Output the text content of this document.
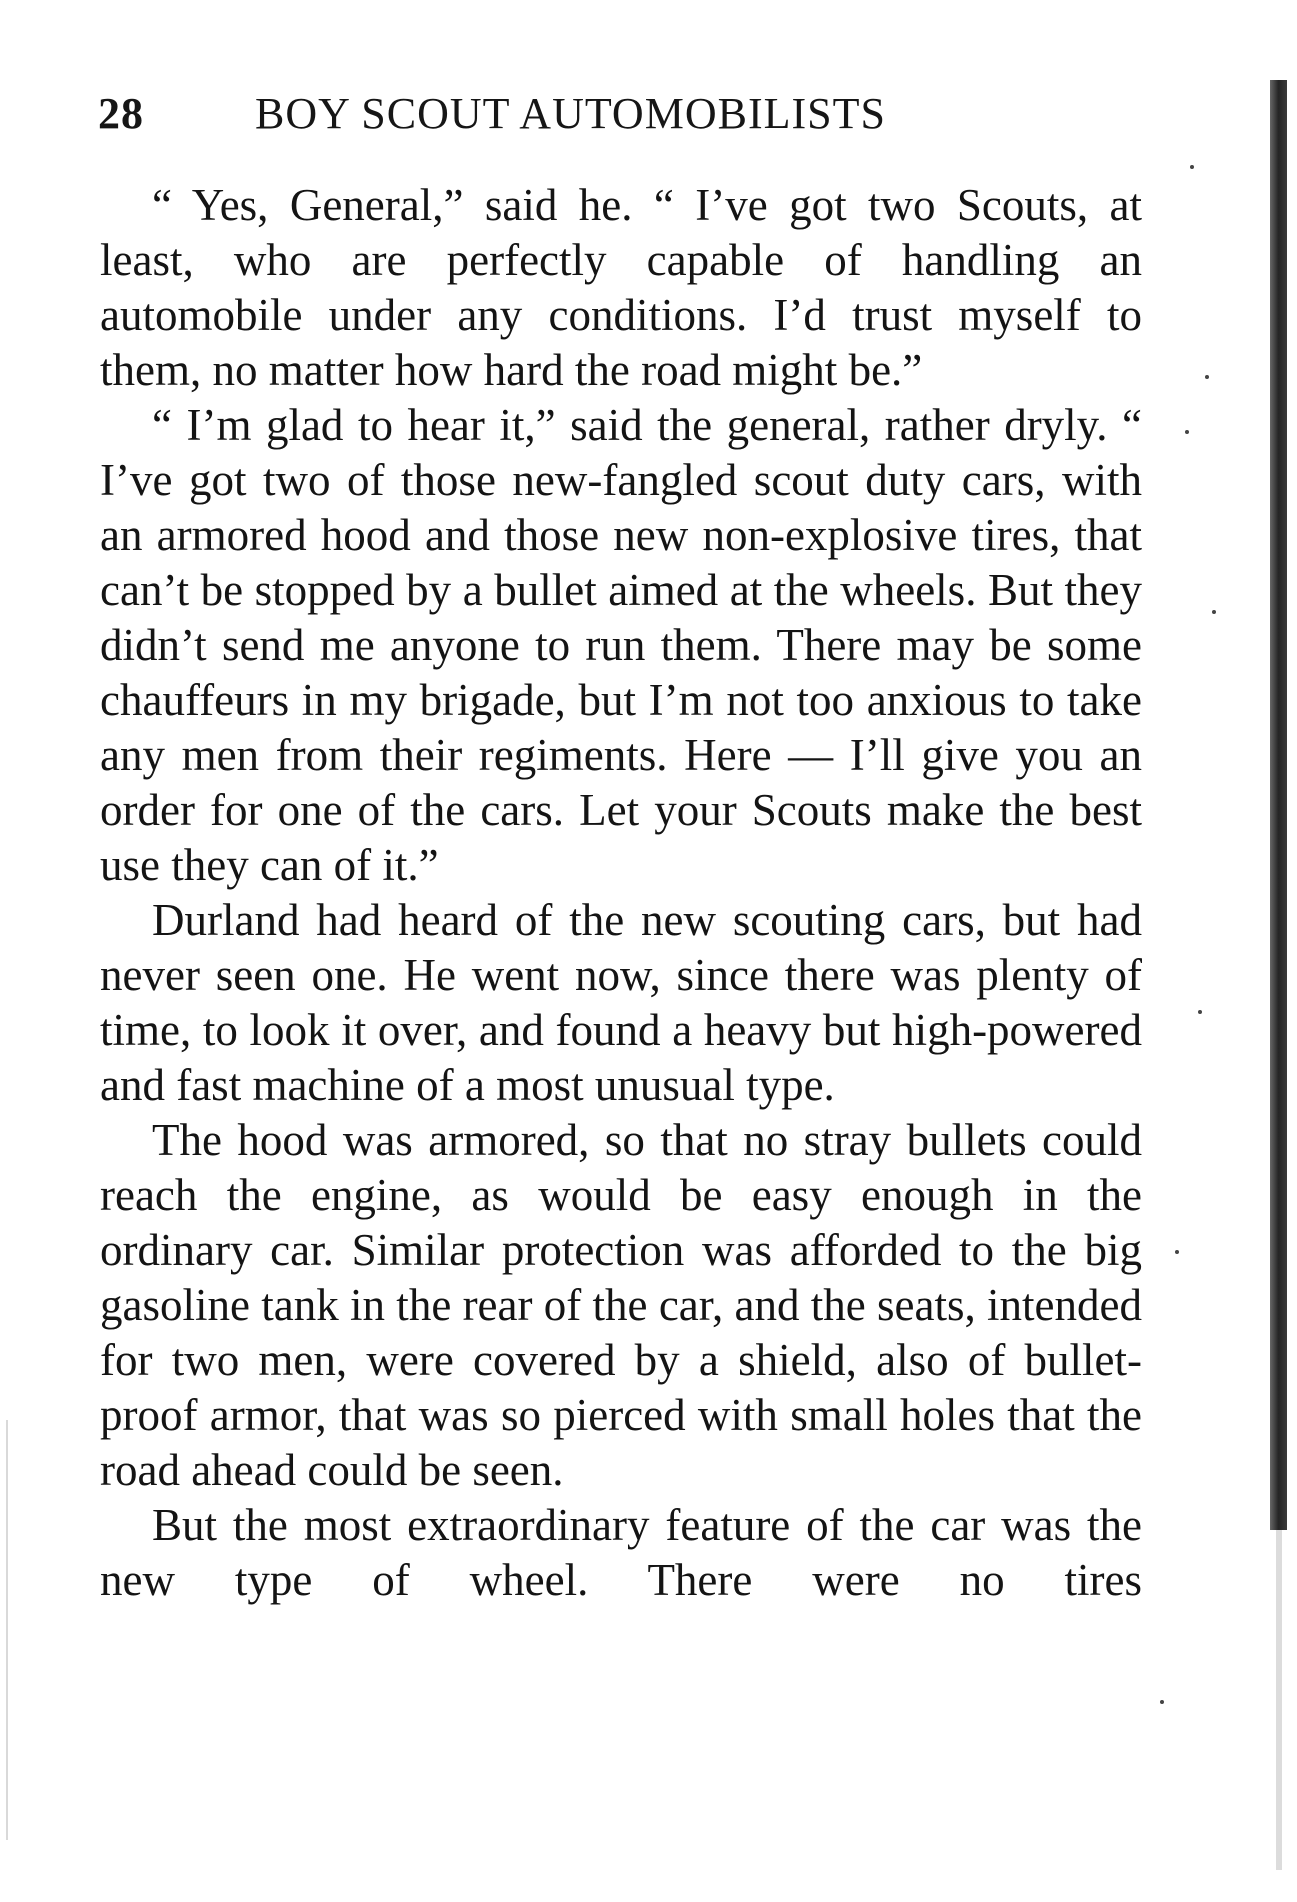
28	BOY SCOUT AUTOMOBILISTS

“ Yes, General,” said he. “ I’ve got two Scouts, at least, who are perfectly capable of handling an automobile under any conditions. I’d trust myself to them, no matter how hard the road might be.”

“ I’m glad to hear it,” said the general, rather dryly. “ I’ve got two of those new-fangled scout duty cars, with an armored hood and those new non-explosive tires, that can’t be stopped by a bullet aimed at the wheels. But they didn’t send me anyone to run them. There may be some chauffeurs in my brigade, but I’m not too anxious to take any men from their regiments. Here — I’ll give you an order for one of the cars. Let your Scouts make the best use they can of it.”

Durland had heard of the new scouting cars, but had never seen one. He went now, since there was plenty of time, to look it over, and found a heavy but high-powered and fast machine of a most unusual type.

The hood was armored, so that no stray bullets could reach the engine, as would be easy enough in the ordinary car. Similar protection was afforded to the big gasoline tank in the rear of the car, and the seats, intended for two men, were covered by a shield, also of bullet-proof armor, that was so pierced with small holes that the road ahead could be seen.

But the most extraordinary feature of the car was the new type of wheel. There were no tires
